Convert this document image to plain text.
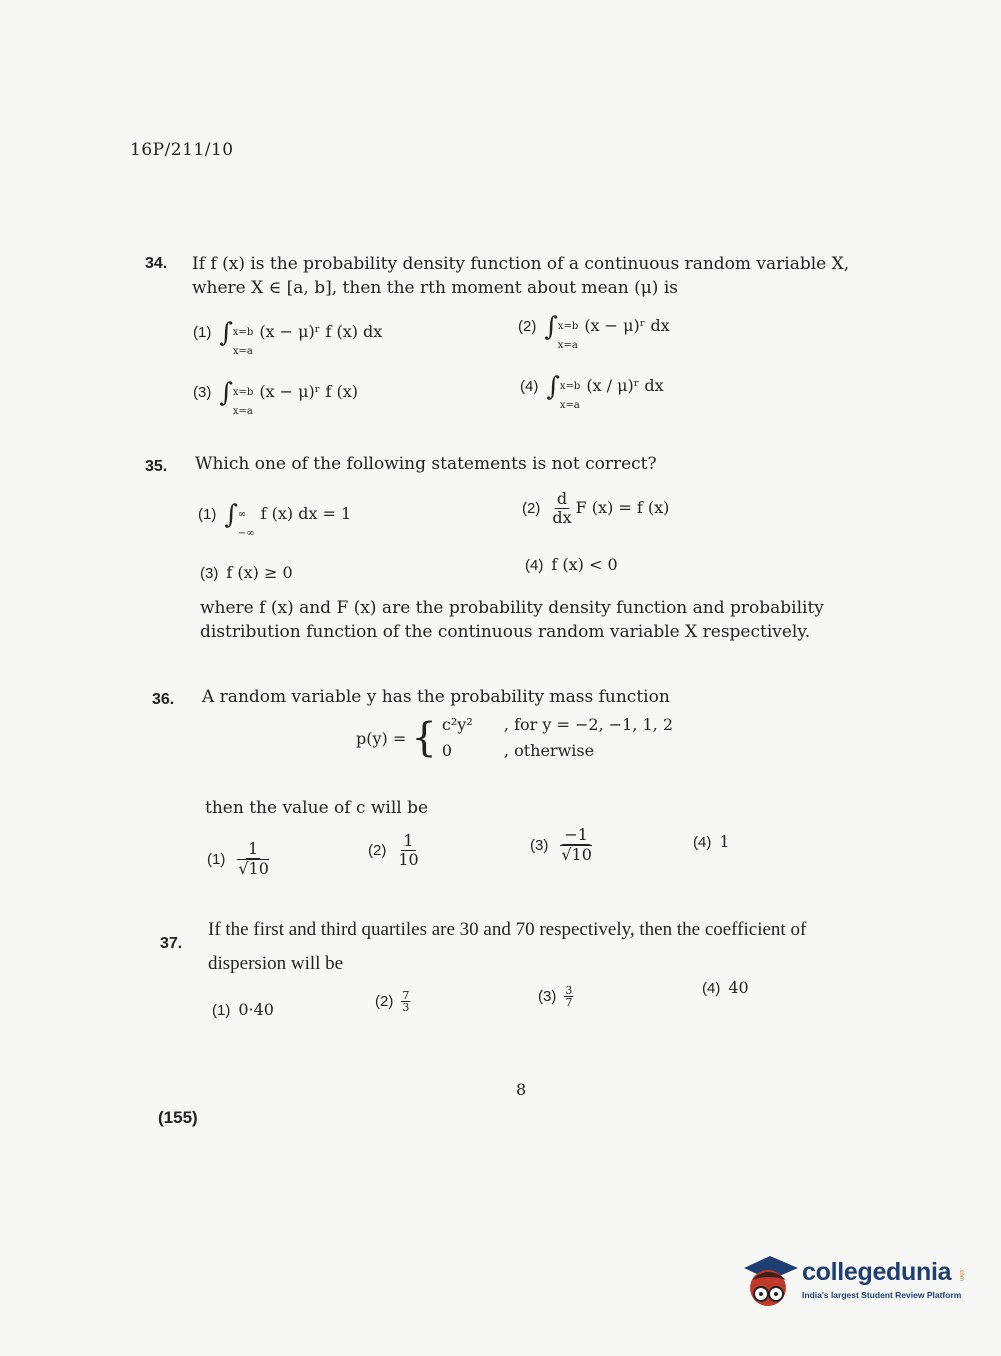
16P/211/10
34. If f (x) is the probability density function of a continuous random variable X,
where X ∈ [a, b], then the rth moment about mean (μ) is
(1) ∫ x=b
x=a
(x − μ)ʳ f (x) dx	(2) ∫ x=b
x=a
(x − μ)ʳ dx
(3) ∫ x=b
x=a
(x − μ)ʳ f (x)	(4) ∫ x=b
x=a
(x / μ)ʳ dx
35. Which one of the following statements is not correct?
(1) ∫ ∞
−∞
f (x) dx = 1	$(2) \frac{d}{dx}$ F (x) = f (x)
(3) f (x) ≥ 0	(4) f (x) < 0
where f (x) and F (x) are the probability density function and probability
distribution function of the continuous random variable X respectively.
36. A random variable y has the probability mass function
p(y) = { c²y² , for y = −2, −1, 1, 2
0	, otherwise
then the value of c will be
$(1) \frac{1}{√10}$	$(2) \frac{1}{10}$	$(3) \frac{-1}{√10}$	(4) 1
37.
If the first and third quartiles are 30 and 70 respectively, then the coefficient of
dispersion will be
(1) 0·40	$(2) \frac{7}{3}$	$(3) \frac{3}{7}$	(4) 40
8
(155)
collegedunia .com
India's largest Student Review Platform
